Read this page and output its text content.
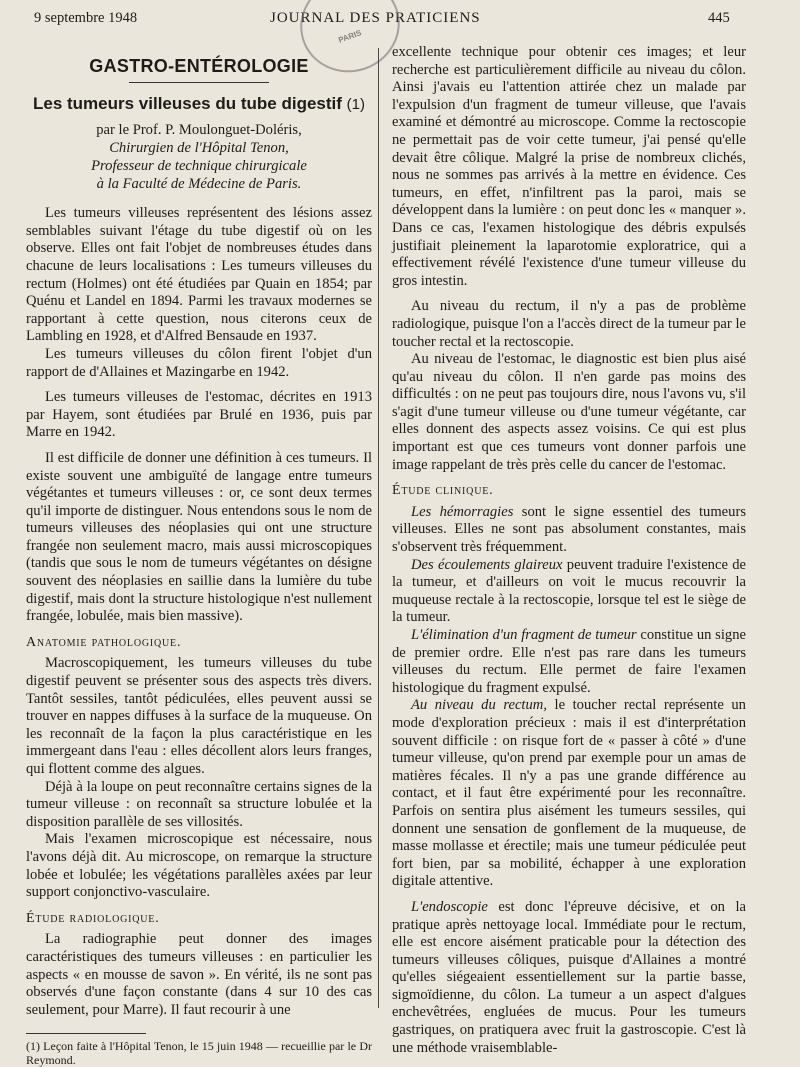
9 septembre 1948	JOURNAL DES PRATICIENS	445
PARIS
GASTRO-ENTÉROLOGIE
Les tumeurs villeuses du tube digestif (1)

par le Prof. P. Moulonguet-Doléris,

Chirurgien de l'Hôpital Tenon,

Professeur de technique chirurgicale

à la Faculté de Médecine de Paris.

Les tumeurs villeuses représentent des lésions assez semblables suivant l'étage du tube digestif où on les observe. Elles ont fait l'objet de nombreuses études dans chacune de leurs localisations : Les tumeurs villeuses du rectum (Holmes) ont été étudiées par Quain en 1854; par Quénu et Landel en 1894. Parmi les travaux modernes se rapportant à cette question, nous citerons ceux de Lambling en 1928, et d'Alfred Bensaude en 1937.

Les tumeurs villeuses du côlon firent l'objet d'un rapport de d'Allaines et Mazingarbe en 1942.

Les tumeurs villeuses de l'estomac, décrites en 1913 par Hayem, sont étudiées par Brulé en 1936, puis par Marre en 1942.

Il est difficile de donner une définition à ces tumeurs. Il existe souvent une ambiguïté de langage entre tumeurs végétantes et tumeurs villeuses : or, ce sont deux termes qu'il importe de distinguer. Nous entendons sous le nom de tumeurs villeuses des néoplasies qui ont une structure frangée non seulement macro, mais aussi microscopiques (tandis que sous le nom de tumeurs végétantes on désigne souvent des néoplasies en saillie dans la lumière du tube digestif, mais dont la structure histologique n'est nullement frangée, lobulée, mais bien massive).

Anatomie pathologique.

Macroscopiquement, les tumeurs villeuses du tube digestif peuvent se présenter sous des aspects très divers. Tantôt sessiles, tantôt pédiculées, elles peuvent aussi se trouver en nappes diffuses à la surface de la muqueuse. On les reconnaît de la façon la plus caractéristique en les immergeant dans l'eau : elles décollent alors leurs franges, qui flottent comme des algues.

Déjà à la loupe on peut reconnaître certains signes de la tumeur villeuse : on reconnaît sa structure lobulée et la disposition parallèle de ses villosités.

Mais l'examen microscopique est nécessaire, nous l'avons déjà dit. Au microscope, on remarque la structure lobée et lobulée; les végétations parallèles axées par leur support conjonctivo-vasculaire.

Étude radiologique.

La radiographie peut donner des images caractéristiques des tumeurs villeuses : en particulier les aspects « en mousse de savon ». En vérité, ils ne sont pas observés d'une façon constante (dans 4 sur 10 des cas seulement, pour Marre). Il faut recourir à une

(1) Leçon faite à l'Hôpital Tenon, le 15 juin 1948 — recueillie par le Dr Reymond.

excellente technique pour obtenir ces images; et leur recherche est particulièrement difficile au niveau du côlon. Ainsi j'avais eu l'attention attirée chez un malade par l'expulsion d'un fragment de tumeur villeuse, que l'avais examiné et démontré au microscope. Comme la rectoscopie ne permettait pas de voir cette tumeur, j'ai pensé qu'elle devait être côlique. Malgré la prise de nombreux clichés, nous ne sommes pas arrivés à la mettre en évidence. Ces tumeurs, en effet, n'infiltrent pas la paroi, mais se développent dans la lumière : on peut donc les « manquer ». Dans ce cas, l'examen histologique des débris expulsés justifiait pleinement la laparotomie exploratrice, qui a effectivement révélé l'existence d'une tumeur villeuse du gros intestin.

Au niveau du rectum, il n'y a pas de problème radiologique, puisque l'on a l'accès direct de la tumeur par le toucher rectal et la rectoscopie.

Au niveau de l'estomac, le diagnostic est bien plus aisé qu'au niveau du côlon. Il n'en garde pas moins des difficultés : on ne peut pas toujours dire, nous l'avons vu, s'il s'agit d'une tumeur villeuse ou d'une tumeur végétante, car elles donnent des aspects assez voisins. Ce qui est plus important est que ces tumeurs vont donner parfois une image rappelant de très près celle du cancer de l'estomac.

Étude clinique.

Les hémorragies sont le signe essentiel des tumeurs villeuses. Elles ne sont pas absolument constantes, mais s'observent très fréquemment.

Des écoulements glaireux peuvent traduire l'existence de la tumeur, et d'ailleurs on voit le mucus recouvrir la muqueuse rectale à la rectoscopie, lorsque tel est le siège de la tumeur.

L'élimination d'un fragment de tumeur constitue un signe de premier ordre. Elle n'est pas rare dans les tumeurs villeuses du rectum. Elle permet de faire l'examen histologique du fragment expulsé.

Au niveau du rectum, le toucher rectal représente un mode d'exploration précieux : mais il est d'interprétation souvent difficile : on risque fort de « passer à côté » d'une tumeur villeuse, qu'on prend par exemple pour un amas de matières fécales. Il n'y a pas une grande différence au contact, et il faut être expérimenté pour les reconnaître. Parfois on sentira plus aisément les tumeurs sessiles, qui donnent une sensation de gonflement de la muqueuse, de masse mollasse et érectile; mais une tumeur pédiculée peut fort bien, par sa mobilité, échapper à une exploration digitale attentive.

L'endoscopie est donc l'épreuve décisive, et on la pratique après nettoyage local. Immédiate pour le rectum, elle est encore aisément praticable pour la détection des tumeurs villeuses côliques, puisque d'Allaines a montré qu'elles siégeaient essentiellement sur la partie basse, sigmoïdienne, du côlon. La tumeur a un aspect d'algues enchevêtrées, engluées de mucus. Pour les tumeurs gastriques, on pratiquera avec fruit la gastroscopie. C'est là une méthode vraisemblable-
